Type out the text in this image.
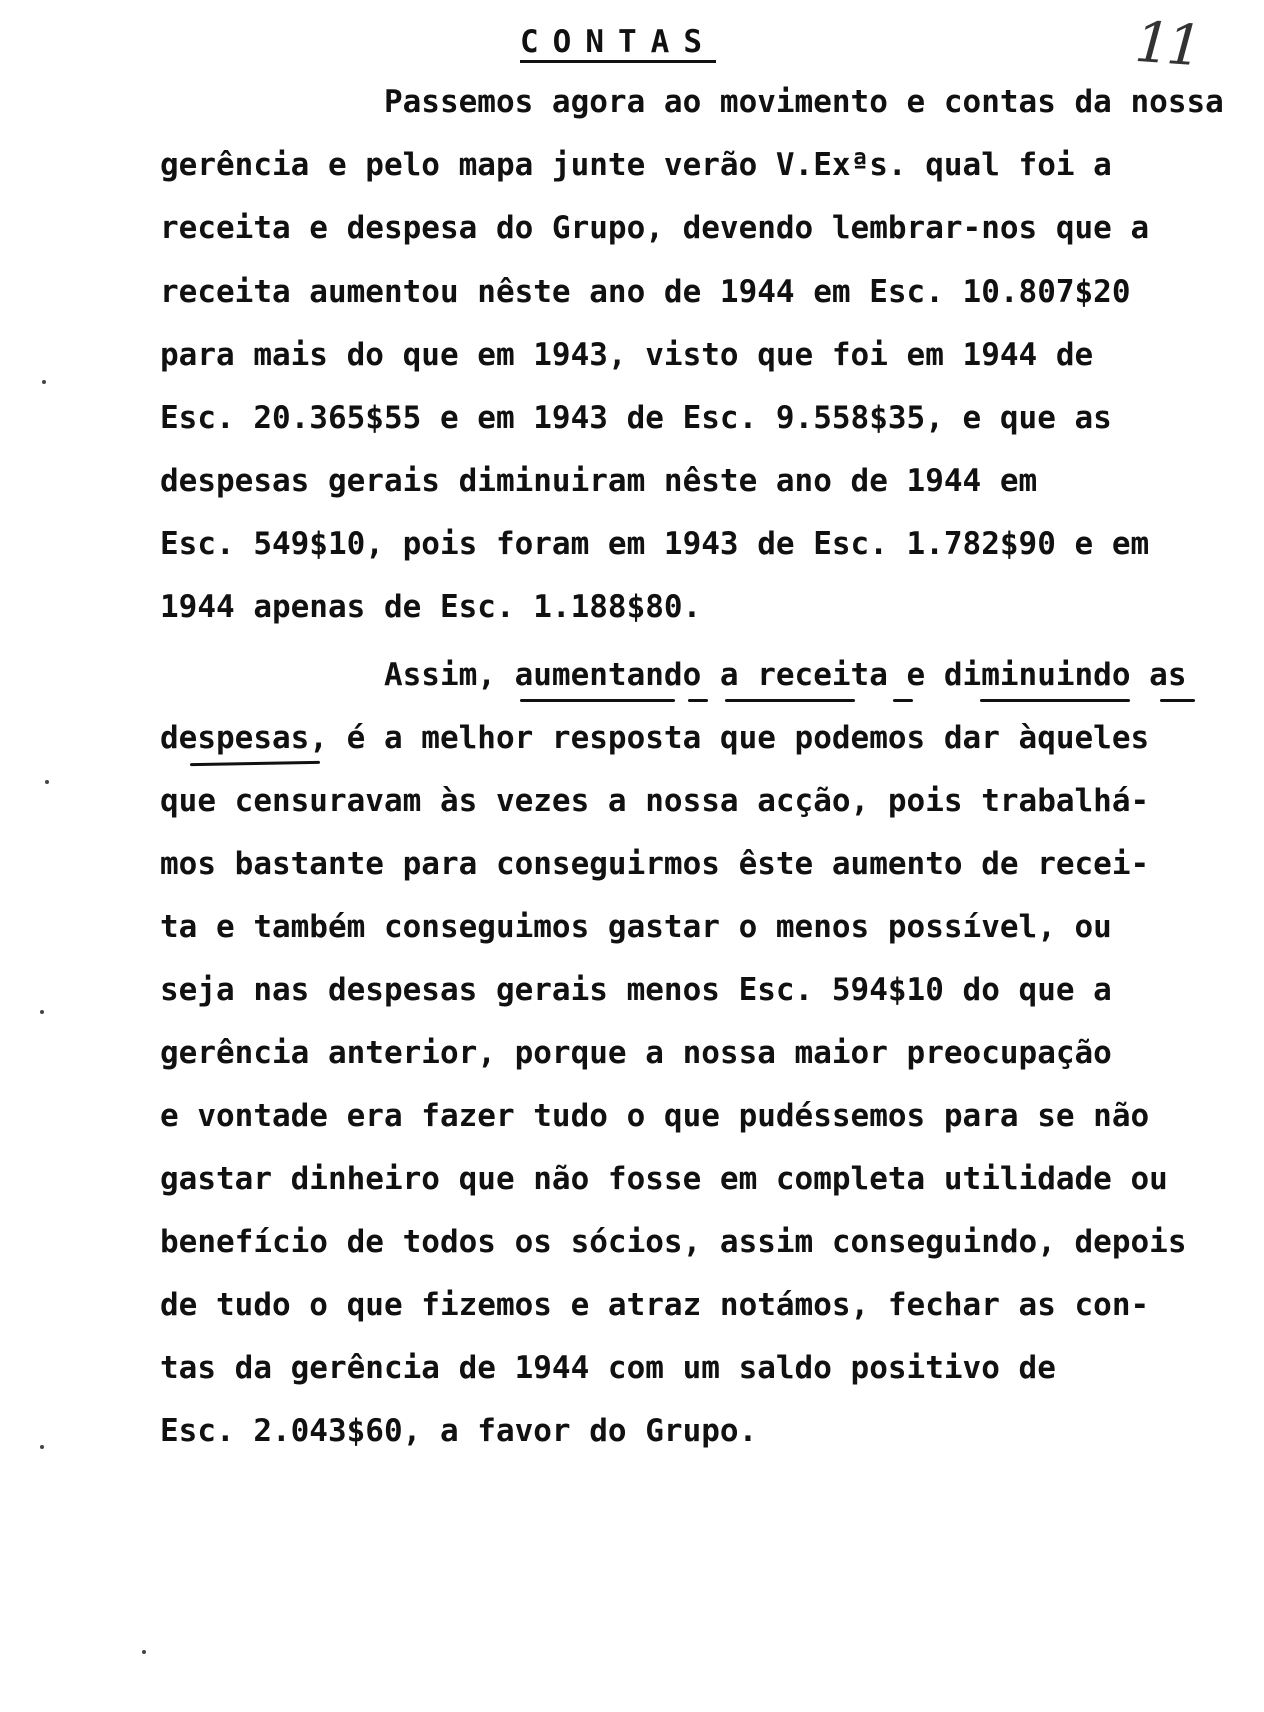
CONTAS	11

Passemos agora ao movimento e contas da nossa

gerência e pelo mapa junte verão V.Exªs. qual foi a

receita e despesa do Grupo, devendo lembrar-nos que a

receita aumentou nêste ano de 1944 em Esc. 10.807$20

para mais do que em 1943, visto que foi em 1944 de

Esc. 20.365$55 e em 1943 de Esc. 9.558$35, e que as

despesas gerais diminuiram nêste ano de 1944 em

Esc. 549$10, pois foram em 1943 de Esc. 1.782$90 e em

1944 apenas de Esc. 1.188$80.

Assim, aumentando a receita e diminuindo as

despesas, é a melhor resposta que podemos dar àqueles

que censuravam às vezes a nossa acção, pois trabalhá-

mos bastante para conseguirmos êste aumento de recei-

ta e também conseguimos gastar o menos possível, ou

seja nas despesas gerais menos Esc. 594$10 do que a

gerência anterior, porque a nossa maior preocupação

e vontade era fazer tudo o que pudéssemos para se não

gastar dinheiro que não fosse em completa utilidade ou

benefício de todos os sócios, assim conseguindo, depois

de tudo o que fizemos e atraz notámos, fechar as con-

tas da gerência de 1944 com um saldo positivo de

Esc. 2.043$60, a favor do Grupo.
